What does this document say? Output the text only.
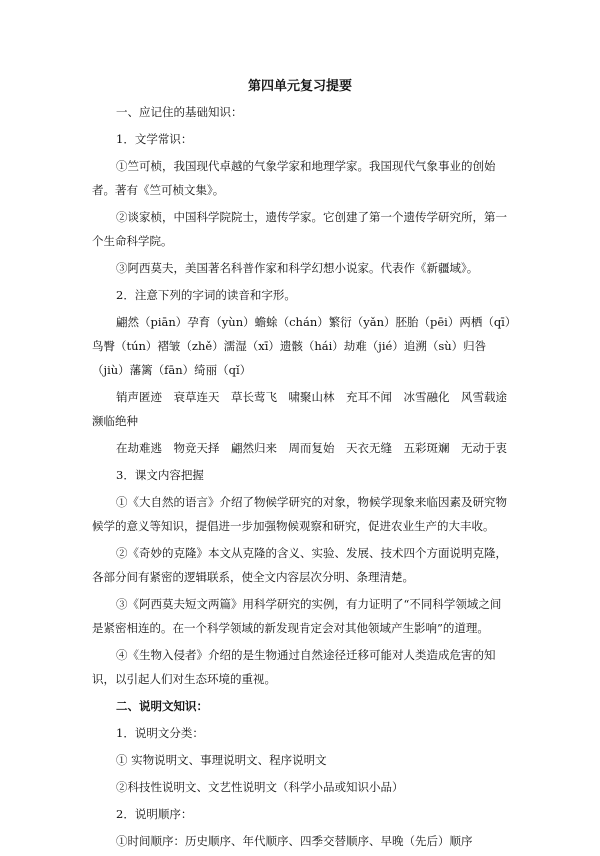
第四单元复习提要

一、应记住的基础知识：

1．文学常识：

①竺可桢，我国现代卓越的气象学家和地理学家。我国现代气象事业的创始者。著有《竺可桢文集》。

②谈家桢，中国科学院院士，遗传学家。它创建了第一个遗传学研究所，第一个生命科学院。

③阿西莫夫，美国著名科普作家和科学幻想小说家。代表作《新疆域》。

2．注意下列的字词的读音和字形。

翩然（piān）孕育（yùn）蟾蜍（chán）繁衍（yǎn）胚胎（pēi）两栖（qī）鸟臀（tún）褶皱（zhě）濡湿（xī）遗骸（hái）劫难（jié）追溯（sù）归咎（jiù）藩篱（fān）绮丽（qǐ）

销声匿迹　衰草连天　草长莺飞　啸聚山林　充耳不闻　冰雪融化　风雪载途　濒临绝种

在劫难逃　物竞天择　翩然归来　周而复始　天衣无缝　五彩斑斓　无动于衷

3．课文内容把握

①《大自然的语言》介绍了物候学研究的对象，物候学现象来临因素及研究物候学的意义等知识，提倡进一步加强物候观察和研究，促进农业生产的大丰收。

②《奇妙的克隆》本文从克隆的含义、实验、发展、技术四个方面说明克隆，各部分间有紧密的逻辑联系，使全文内容层次分明、条理清楚。

③《阿西莫夫短文两篇》用科学研究的实例，有力证明了“不同科学领域之间是紧密相连的。在一个科学领域的新发现肯定会对其他领域产生影响”的道理。

④《生物入侵者》介绍的是生物通过自然途径迁移可能对人类造成危害的知识，以引起人们对生态环境的重视。

二、说明文知识：

1．说明文分类：

① 实物说明文、事理说明文、程序说明文

②科技性说明文、文艺性说明文（科学小品或知识小品）

2．说明顺序：

①时间顺序：历史顺序、年代顺序、四季交替顺序、早晚（先后）顺序
